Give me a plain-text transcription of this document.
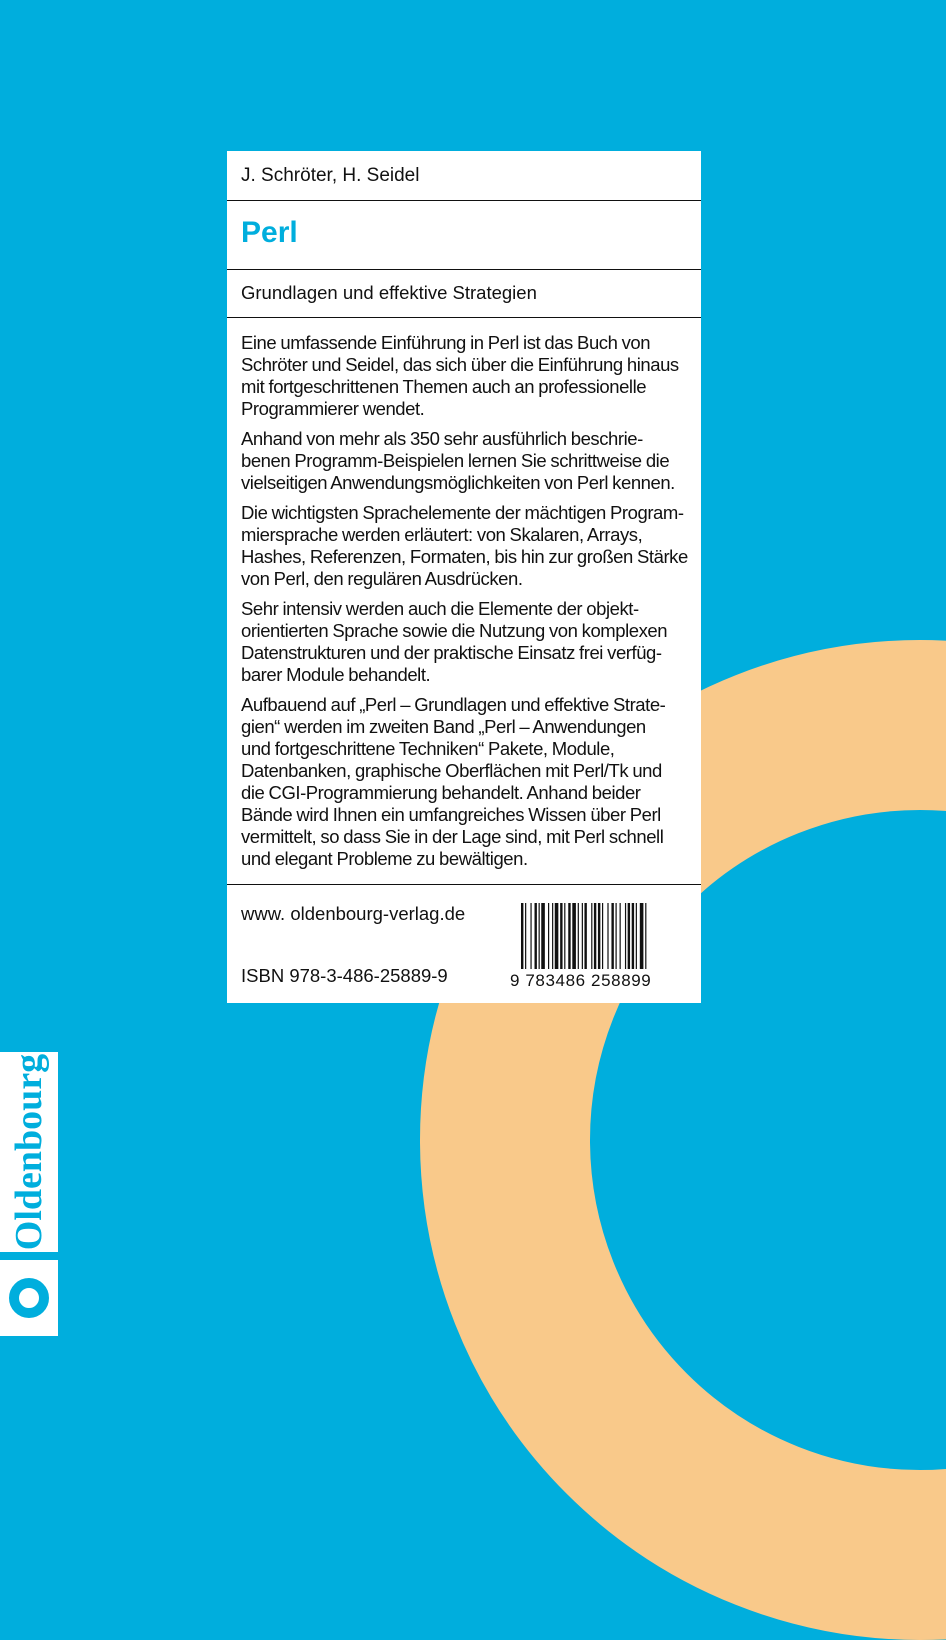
J. Schröter, H. Seidel
Perl
Grundlagen und effektive Strategien

Eine umfassende Einführung in Perl ist das Buch von
Schröter und Seidel, das sich über die Einführung hinaus
mit fortgeschrittenen Themen auch an professionelle
Programmierer wendet.

Anhand von mehr als 350 sehr ausführlich beschrie-
benen Programm-Beispielen lernen Sie schrittweise die
vielseitigen Anwendungsmöglichkeiten von Perl kennen.

Die wichtigsten Sprachelemente der mächtigen Program-
miersprache werden erläutert: von Skalaren, Arrays,
Hashes, Referenzen, Formaten, bis hin zur großen Stärke
von Perl, den regulären Ausdrücken.

Sehr intensiv werden auch die Elemente der objekt-
orientierten Sprache sowie die Nutzung von komplexen
Datenstrukturen und der praktische Einsatz frei verfüg-
barer Module behandelt.

Aufbauend auf „Perl – Grundlagen und effektive Strate-
gien“ werden im zweiten Band „Perl – Anwendungen
und fortgeschrittene Techniken“ Pakete, Module,
Datenbanken, graphische Oberflächen mit Perl/Tk und
die CGI-Programmierung behandelt. Anhand beider
Bände wird Ihnen ein umfangreiches Wissen über Perl
vermittelt, so dass Sie in der Lage sind, mit Perl schnell
und elegant Probleme zu bewältigen.

www. oldenbourg-verlag.de
ISBN 978-3-486-25889-9	9 783486 258899
Oldenbourg
